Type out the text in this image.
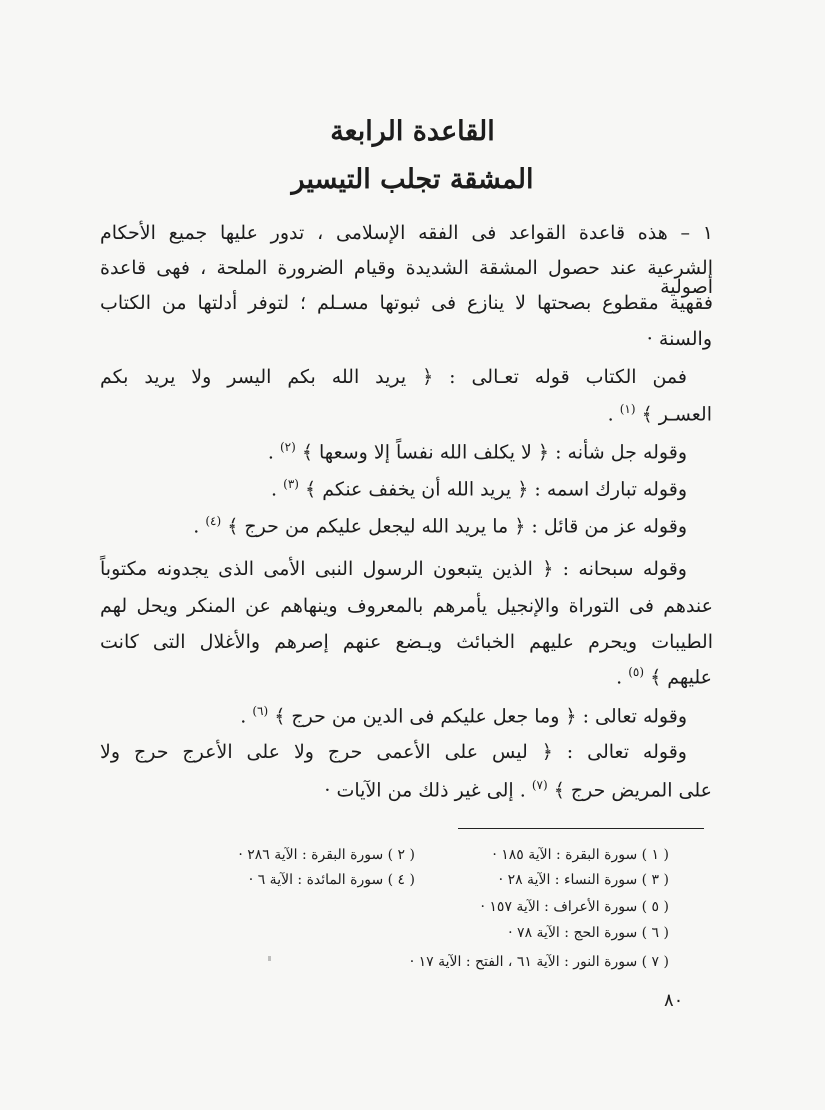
القاعدة الرابعة
المشقة تجلب التيسير
١ – هذه قاعدة القواعد فى الفقه الإسلامى ، تدور عليها جميع الأحكام
الشرعية عند حصول المشقة الشديدة وقيام الضرورة الملحة ، فهى قاعدة أصولية
فقهية مقطوع بصحتها لا ينازع فى ثبوتها مسـلم ؛ لتوفر أدلتها من الكتاب
والسنة ·
فمن الكتاب قوله تعـالى : ﴿ يريد الله بكم اليسر ولا يريد بكم
العسـر ﴾ $^{(١)}$ .
وقوله جل شأنه : ﴿ لا يكلف الله نفساً إلا وسعها ﴾ $^{(٢)}$ .
وقوله تبارك اسمه : ﴿ يريد الله أن يخفف عنكم ﴾ $^{(٣)}$ .
وقوله عز من قائل : ﴿ ما يريد الله ليجعل عليكم من حرج ﴾ $^{(٤)}$ .
وقوله سبحانه : ﴿ الذين يتبعون الرسول النبى الأمى الذى يجدونه مكتوباً
عندهم فى التوراة والإنجيل يأمرهم بالمعروف وينهاهم عن المنكر ويحل لهم
الطيبات ويحرم عليهم الخبائث ويـضع عنهم إصرهم والأغلال التى كانت
عليهم ﴾ $^{(٥)}$ .
وقوله تعالى : ﴿ وما جعل عليكم فى الدين من حرج ﴾ $^{(٦)}$ .
وقوله تعالى : ﴿ ليس على الأعمى حرج ولا على الأعرج حرج ولا
على المريض حرج ﴾ $^{(٧)}$ . إلى غير ذلك من الآيات ·
( ١ ) سورة البقرة : الآية ١٨٥ ·
( ٢ ) سورة البقرة : الآية ٢٨٦ ·
( ٣ ) سورة النساء : الآية ٢٨ ·
( ٤ ) سورة المائدة : الآية ٦ ·
( ٥ ) سورة الأعراف : الآية ١٥٧ ·
( ٦ ) سورة الحج : الآية ٧٨ ·
( ٧ ) سورة النور : الآية ٦١ ، الفتح : الآية ١٧ ·
٨٠
